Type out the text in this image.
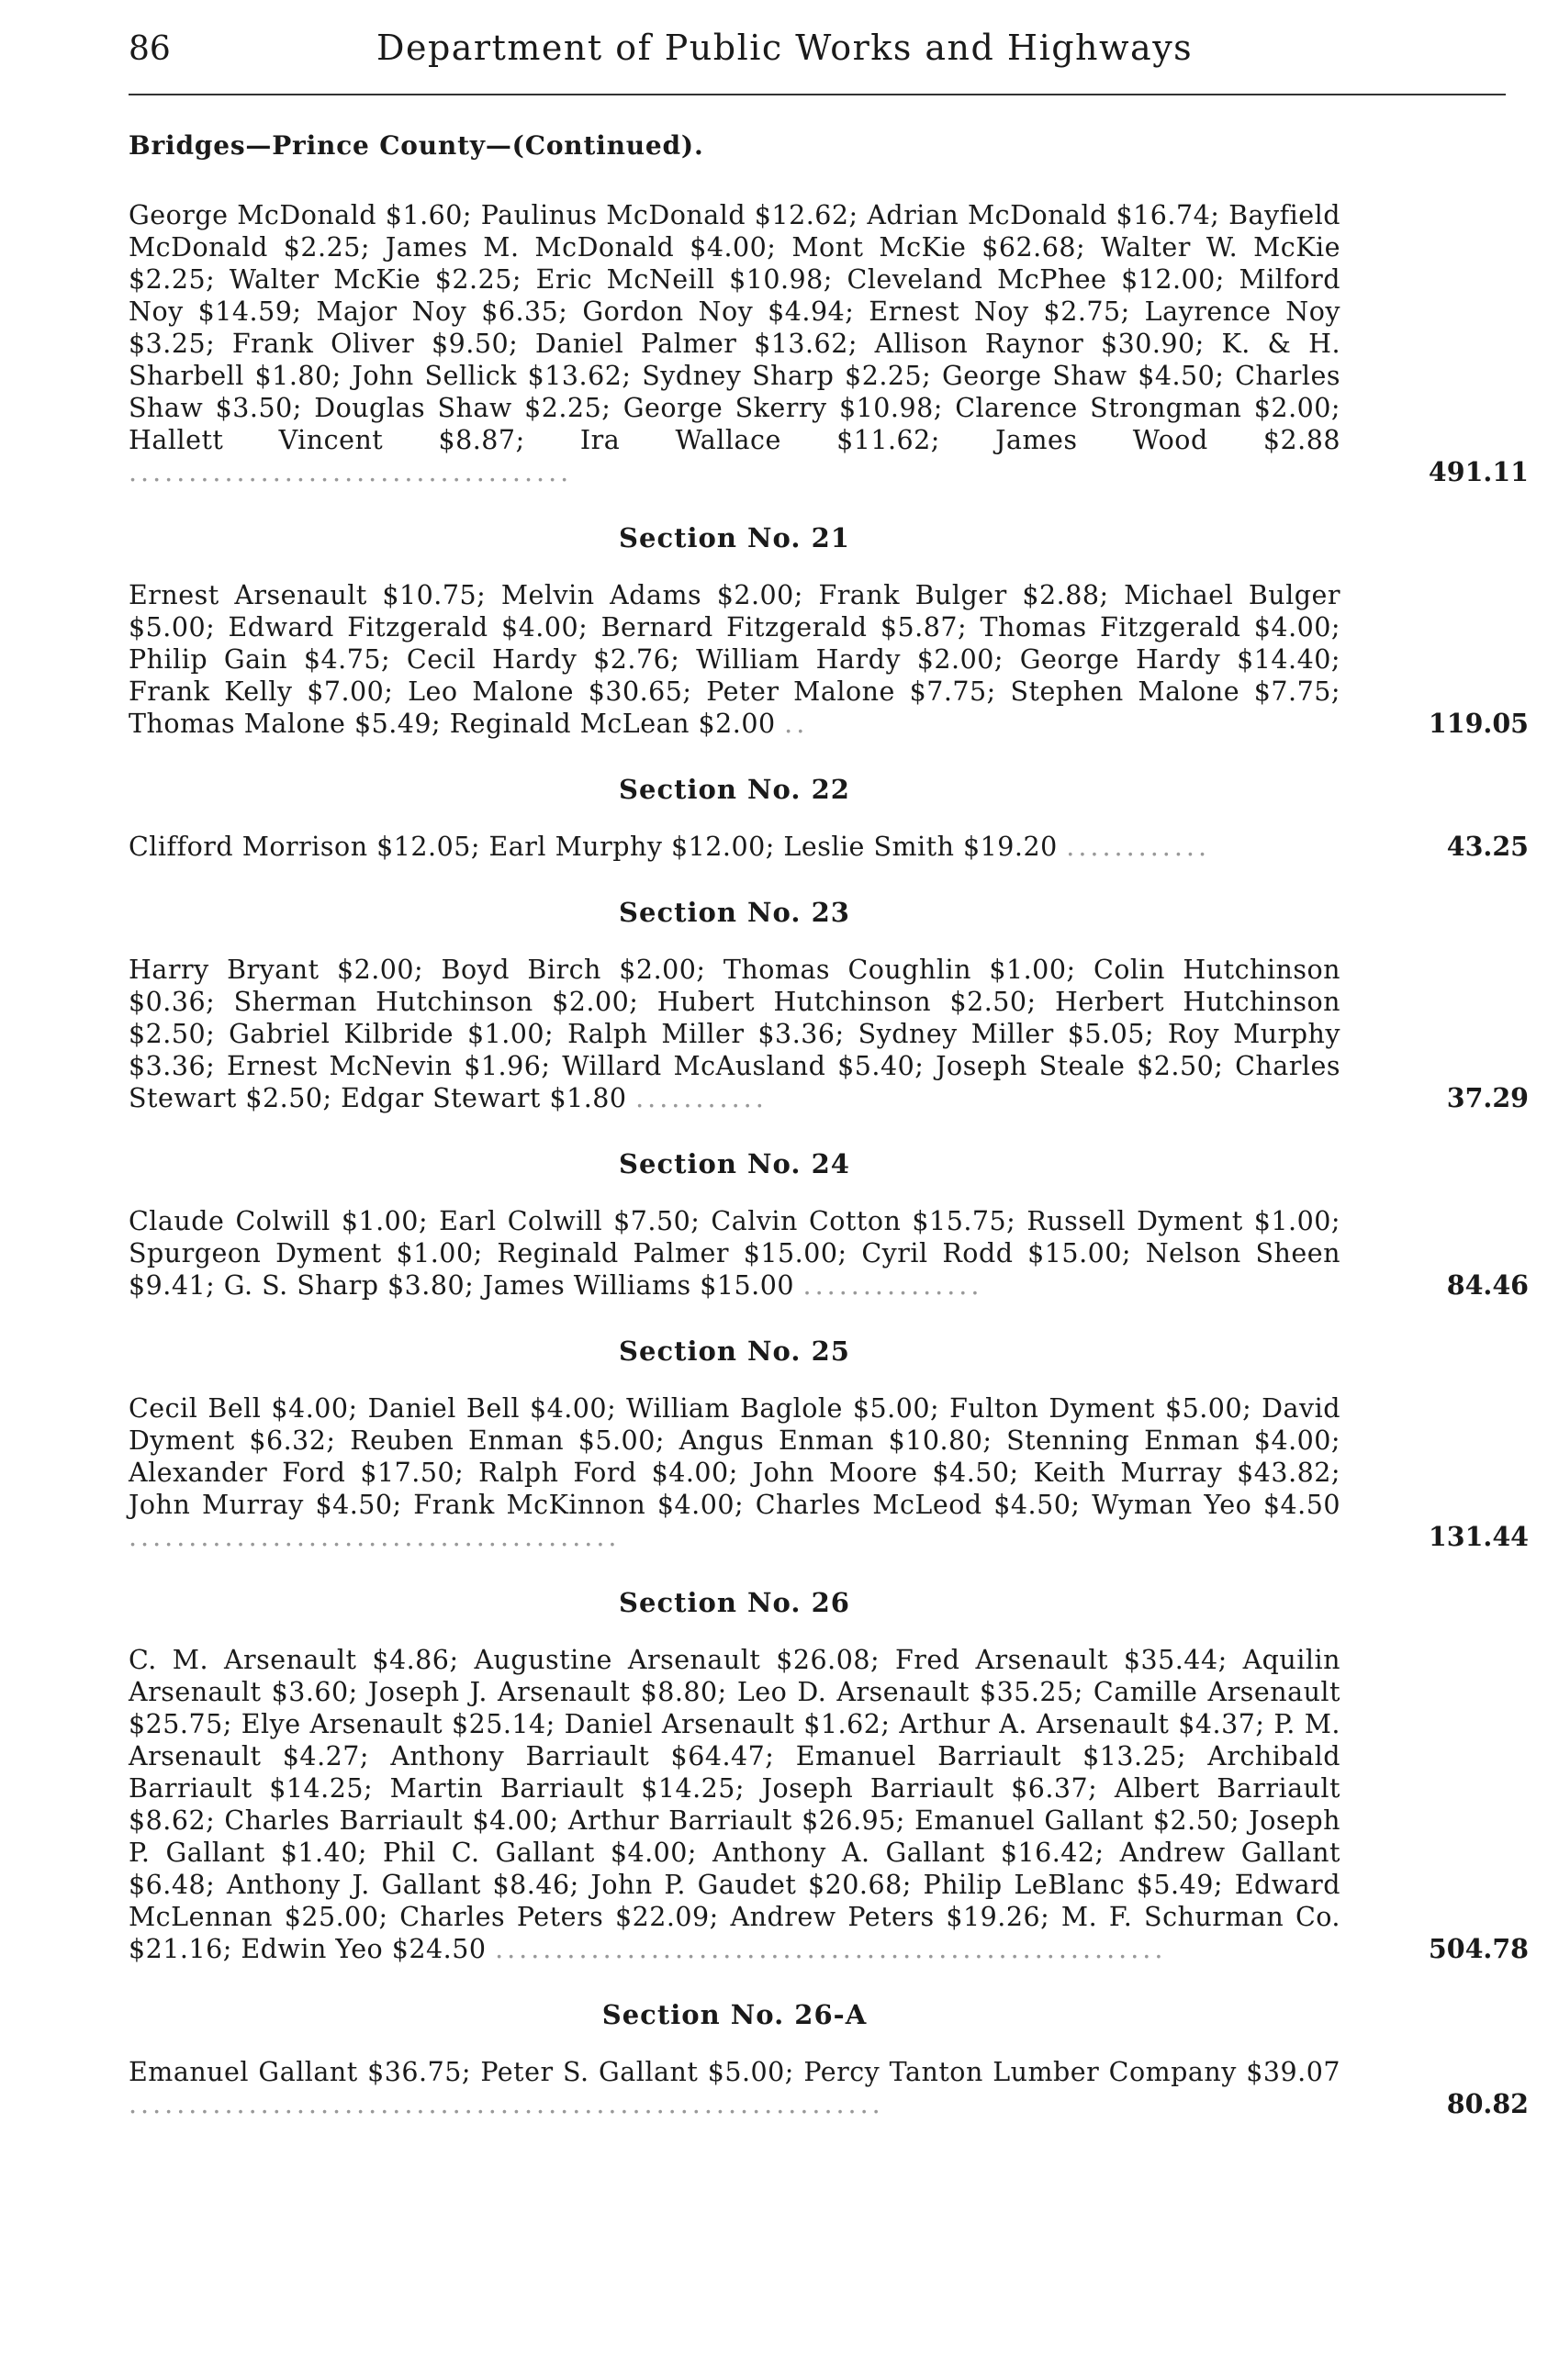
86	Department of Public Works and Highways
Bridges—Prince County—(Continued).
George McDonald $1.60; Paulinus McDonald $12.62; Adrian McDonald $16.74; Bayfield McDonald $2.25; James M. McDonald $4.00; Mont McKie $62.68; Walter W. McKie $2.25; Walter McKie $2.25; Eric McNeill $10.98; Cleveland McPhee $12.00; Milford Noy $14.59; Major Noy $6.35; Gordon Noy $4.94; Ernest Noy $2.75; Layrence Noy $3.25; Frank Oliver $9.50; Daniel Palmer $13.62; Allison Raynor $30.90; K. & H. Sharbell $1.80; John Sellick $13.62; Sydney Sharp $2.25; George Shaw $4.50; Charles Shaw $3.50; Douglas Shaw $2.25; George Skerry $10.98; Clarence Strongman $2.00; Hallett Vincent $8.87; Ira Wallace $11.62; James Wood $2.88 .....................................	491.11
Section No. 21
Ernest Arsenault $10.75; Melvin Adams $2.00; Frank Bulger $2.88; Michael Bulger $5.00; Edward Fitzgerald $4.00; Bernard Fitzgerald $5.87; Thomas Fitzgerald $4.00; Philip Gain $4.75; Cecil Hardy $2.76; William Hardy $2.00; George Hardy $14.40; Frank Kelly $7.00; Leo Malone $30.65; Peter Malone $7.75; Stephen Malone $7.75; Thomas Malone $5.49; Reginald McLean $2.00 ..	119.05
Section No. 22
Clifford Morrison $12.05; Earl Murphy $12.00; Leslie Smith $19.20 ............	43.25
Section No. 23
Harry Bryant $2.00; Boyd Birch $2.00; Thomas Coughlin $1.00; Colin Hutchinson $0.36; Sherman Hutchinson $2.00; Hubert Hutchinson $2.50; Herbert Hutchinson $2.50; Gabriel Kilbride $1.00; Ralph Miller $3.36; Sydney Miller $5.05; Roy Murphy $3.36; Ernest McNevin $1.96; Willard McAusland $5.40; Joseph Steale $2.50; Charles Stewart $2.50; Edgar Stewart $1.80 ...........	37.29
Section No. 24
Claude Colwill $1.00; Earl Colwill $7.50; Calvin Cotton $15.75; Russell Dyment $1.00; Spurgeon Dyment $1.00; Reginald Palmer $15.00; Cyril Rodd $15.00; Nelson Sheen $9.41; G. S. Sharp $3.80; James Williams $15.00 ...............	84.46
Section No. 25
Cecil Bell $4.00; Daniel Bell $4.00; William Baglole $5.00; Fulton Dyment $5.00; David Dyment $6.32; Reuben Enman $5.00; Angus Enman $10.80; Stenning Enman $4.00; Alexander Ford $17.50; Ralph Ford $4.00; John Moore $4.50; Keith Murray $43.82; John Murray $4.50; Frank McKinnon $4.00; Charles McLeod $4.50; Wyman Yeo $4.50 .........................................	131.44
Section No. 26
C. M. Arsenault $4.86; Augustine Arsenault $26.08; Fred Arsenault $35.44; Aquilin Arsenault $3.60; Joseph J. Arsenault $8.80; Leo D. Arsenault $35.25; Camille Arsenault $25.75; Elye Arsenault $25.14; Daniel Arsenault $1.62; Arthur A. Arsenault $4.37; P. M. Arsenault $4.27; Anthony Barriault $64.47; Emanuel Barriault $13.25; Archibald Barriault $14.25; Martin Barriault $14.25; Joseph Barriault $6.37; Albert Barriault $8.62; Charles Barriault $4.00; Arthur Barriault $26.95; Emanuel Gallant $2.50; Joseph P. Gallant $1.40; Phil C. Gallant $4.00; Anthony A. Gallant $16.42; Andrew Gallant $6.48; Anthony J. Gallant $8.46; John P. Gaudet $20.68; Philip LeBlanc $5.49; Edward McLennan $25.00; Charles Peters $22.09; Andrew Peters $19.26; M. F. Schurman Co. $21.16; Edwin Yeo $24.50 ........................................................	504.78
Section No. 26-A
Emanuel Gallant $36.75; Peter S. Gallant $5.00; Percy Tanton Lumber Company $39.07 ...............................................................	80.82
